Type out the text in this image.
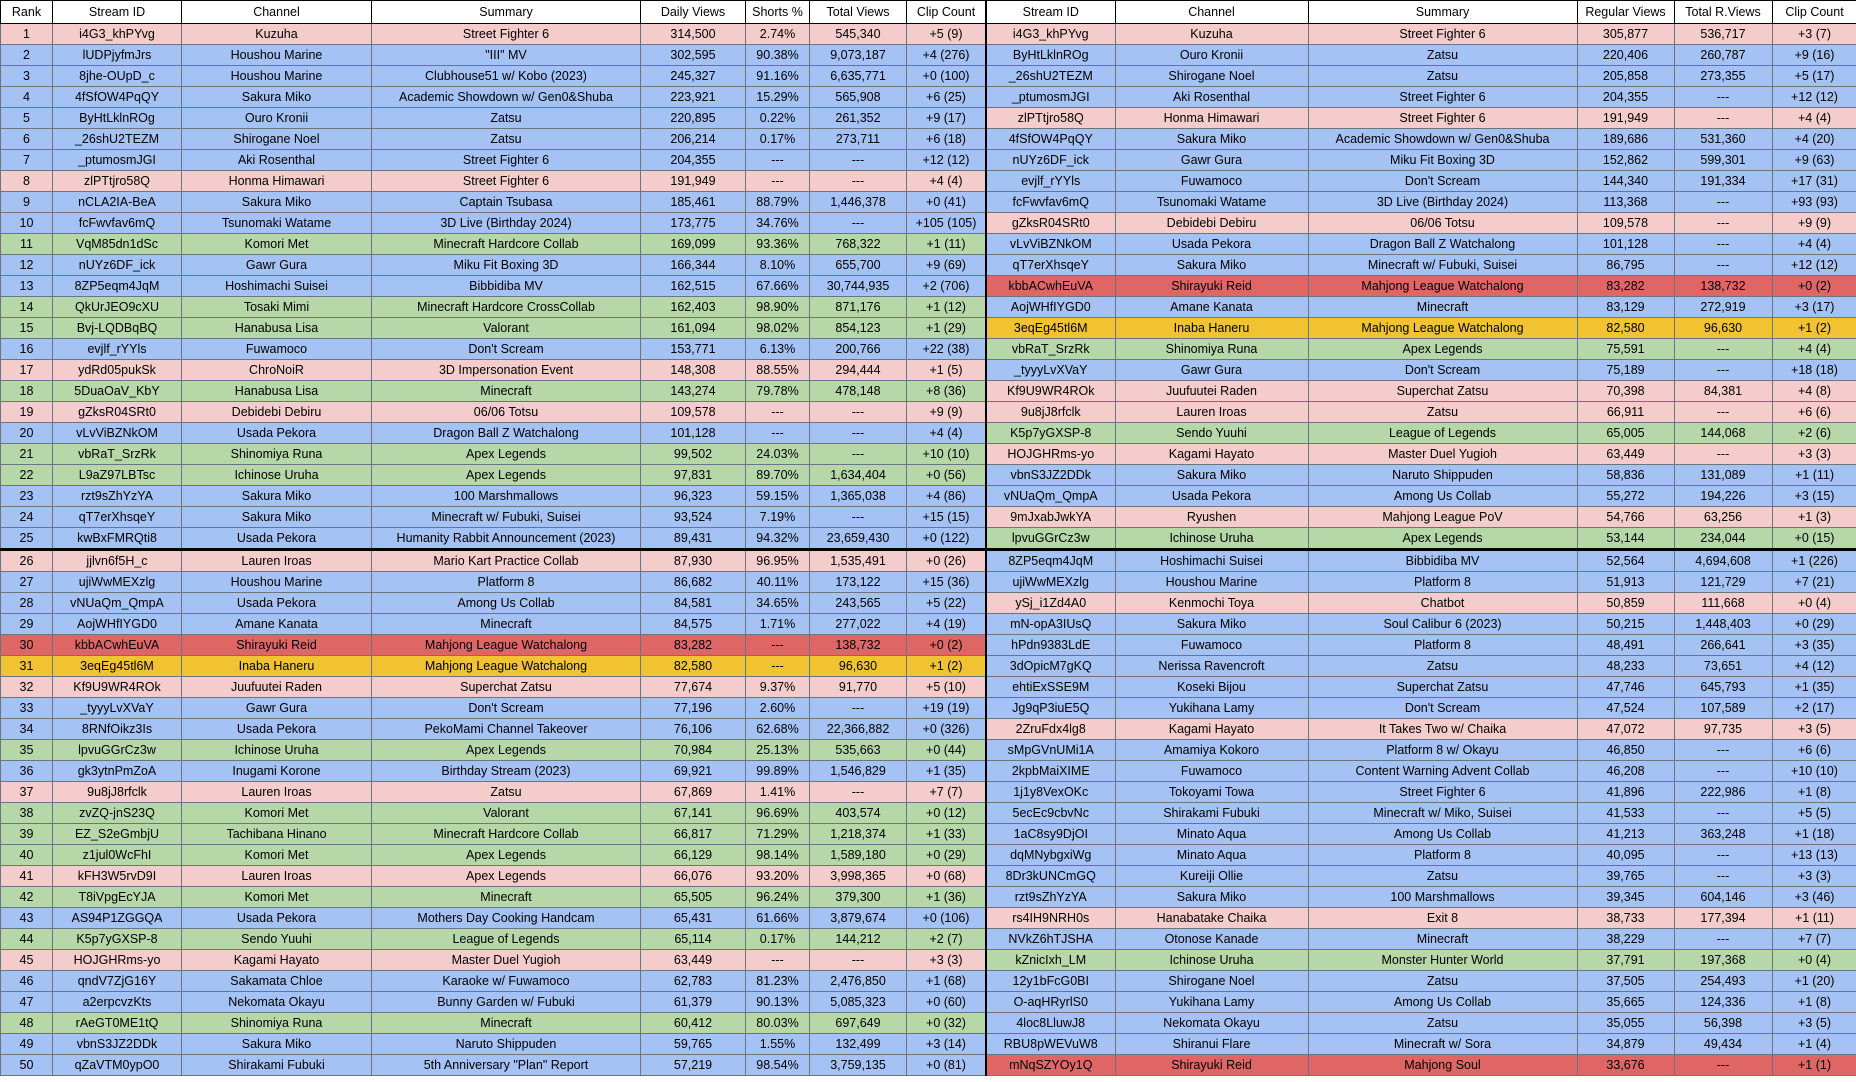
Rank	Stream ID	Channel	Summary	Daily Views	Shorts %	Total Views	Clip Count
1	i4G3_khPYvg	Kuzuha	Street Fighter 6	314,500	2.74%	545,340	+5 (9)
2	lUDPjyfmJrs	Houshou Marine	"III" MV	302,595	90.38%	9,073,187	+4 (276)
3	8jhe-OUpD_c	Houshou Marine	Clubhouse51 w/ Kobo (2023)	245,327	91.16%	6,635,771	+0 (100)
4	4fSfOW4PqQY	Sakura Miko	Academic Showdown w/ Gen0&Shuba	223,921	15.29%	565,908	+6 (25)
5	ByHtLklnROg	Ouro Kronii	Zatsu	220,895	0.22%	261,352	+9 (17)
6	_26shU2TEZM	Shirogane Noel	Zatsu	206,214	0.17%	273,711	+6 (18)
7	_ptumosmJGI	Aki Rosenthal	Street Fighter 6	204,355	---	---	+12 (12)
8	zlPTtjro58Q	Honma Himawari	Street Fighter 6	191,949	---	---	+4 (4)
9	nCLA2IA-BeA	Sakura Miko	Captain Tsubasa	185,461	88.79%	1,446,378	+0 (41)
10	fcFwvfav6mQ	Tsunomaki Watame	3D Live (Birthday 2024)	173,775	34.76%	---	+105 (105)
11	VqM85dn1dSc	Komori Met	Minecraft Hardcore Collab	169,099	93.36%	768,322	+1 (11)
12	nUYz6DF_ick	Gawr Gura	Miku Fit Boxing 3D	166,344	8.10%	655,700	+9 (69)
13	8ZP5eqm4JqM	Hoshimachi Suisei	Bibbidiba MV	162,515	67.66%	30,744,935	+2 (706)
14	QkUrJEO9cXU	Tosaki Mimi	Minecraft Hardcore CrossCollab	162,403	98.90%	871,176	+1 (12)
15	Bvj-LQDBqBQ	Hanabusa Lisa	Valorant	161,094	98.02%	854,123	+1 (29)
16	evjlf_rYYls	Fuwamoco	Don't Scream	153,771	6.13%	200,766	+22 (38)
17	ydRd05pukSk	ChroNoiR	3D Impersonation Event	148,308	88.55%	294,444	+1 (5)
18	5DuaOaV_KbY	Hanabusa Lisa	Minecraft	143,274	79.78%	478,148	+8 (36)
19	gZksR04SRt0	Debidebi Debiru	06/06 Totsu	109,578	---	---	+9 (9)
20	vLvViBZNkOM	Usada Pekora	Dragon Ball Z Watchalong	101,128	---	---	+4 (4)
21	vbRaT_SrzRk	Shinomiya Runa	Apex Legends	99,502	24.03%	---	+10 (10)
22	L9aZ97LBTsc	Ichinose Uruha	Apex Legends	97,831	89.70%	1,634,404	+0 (56)
23	rzt9sZhYzYA	Sakura Miko	100 Marshmallows	96,323	59.15%	1,365,038	+4 (86)
24	qT7erXhsqeY	Sakura Miko	Minecraft w/ Fubuki, Suisei	93,524	7.19%	---	+15 (15)
25	kwBxFMRQti8	Usada Pekora	Humanity Rabbit Announcement (2023)	89,431	94.32%	23,659,430	+0 (122)
26	jjlvn6f5H_c	Lauren Iroas	Mario Kart Practice Collab	87,930	96.95%	1,535,491	+0 (26)
27	ujiWwMEXzlg	Houshou Marine	Platform 8	86,682	40.11%	173,122	+15 (36)
28	vNUaQm_QmpA	Usada Pekora	Among Us Collab	84,581	34.65%	243,565	+5 (22)
29	AojWHfIYGD0	Amane Kanata	Minecraft	84,575	1.71%	277,022	+4 (19)
30	kbbACwhEuVA	Shirayuki Reid	Mahjong League Watchalong	83,282	---	138,732	+0 (2)
31	3eqEg45tl6M	Inaba Haneru	Mahjong League Watchalong	82,580	---	96,630	+1 (2)
32	Kf9U9WR4ROk	Juufuutei Raden	Superchat Zatsu	77,674	9.37%	91,770	+5 (10)
33	_tyyyLvXVaY	Gawr Gura	Don't Scream	77,196	2.60%	---	+19 (19)
34	8RNfOikz3Is	Usada Pekora	PekoMami Channel Takeover	76,106	62.68%	22,366,882	+0 (326)
35	lpvuGGrCz3w	Ichinose Uruha	Apex Legends	70,984	25.13%	535,663	+0 (44)
36	gk3ytnPmZoA	Inugami Korone	Birthday Stream (2023)	69,921	99.89%	1,546,829	+1 (35)
37	9u8jJ8rfclk	Lauren Iroas	Zatsu	67,869	1.41%	---	+7 (7)
38	zvZQ-jnS23Q	Komori Met	Valorant	67,141	96.69%	403,574	+0 (12)
39	EZ_S2eGmbjU	Tachibana Hinano	Minecraft Hardcore Collab	66,817	71.29%	1,218,374	+1 (33)
40	z1jul0WcFhI	Komori Met	Apex Legends	66,129	98.14%	1,589,180	+0 (29)
41	kFH3W5rvD9I	Lauren Iroas	Apex Legends	66,076	93.20%	3,998,365	+0 (68)
42	T8iVpgEcYJA	Komori Met	Minecraft	65,505	96.24%	379,300	+1 (36)
43	AS94P1ZGGQA	Usada Pekora	Mothers Day Cooking Handcam	65,431	61.66%	3,879,674	+0 (106)
44	K5p7yGXSP-8	Sendo Yuuhi	League of Legends	65,114	0.17%	144,212	+2 (7)
45	HOJGHRms-yo	Kagami Hayato	Master Duel Yugioh	63,449	---	---	+3 (3)
46	qndV7ZjG16Y	Sakamata Chloe	Karaoke w/ Fuwamoco	62,783	81.23%	2,476,850	+1 (68)
47	a2erpcvzKts	Nekomata Okayu	Bunny Garden w/ Fubuki	61,379	90.13%	5,085,323	+0 (60)
48	rAeGT0ME1tQ	Shinomiya Runa	Minecraft	60,412	80.03%	697,649	+0 (32)
49	vbnS3JZ2DDk	Sakura Miko	Naruto Shippuden	59,765	1.55%	132,499	+3 (14)
50	qZaVTM0ypO0	Shirakami Fubuki	5th Anniversary "Plan" Report	57,219	98.54%	3,759,135	+0 (81)
Stream ID	Channel	Summary	Regular Views	Total R.Views	Clip Count
i4G3_khPYvg	Kuzuha	Street Fighter 6	305,877	536,717	+3 (7)
ByHtLklnROg	Ouro Kronii	Zatsu	220,406	260,787	+9 (16)
_26shU2TEZM	Shirogane Noel	Zatsu	205,858	273,355	+5 (17)
_ptumosmJGI	Aki Rosenthal	Street Fighter 6	204,355	---	+12 (12)
zlPTtjro58Q	Honma Himawari	Street Fighter 6	191,949	---	+4 (4)
4fSfOW4PqQY	Sakura Miko	Academic Showdown w/ Gen0&Shuba	189,686	531,360	+4 (20)
nUYz6DF_ick	Gawr Gura	Miku Fit Boxing 3D	152,862	599,301	+9 (63)
evjlf_rYYls	Fuwamoco	Don't Scream	144,340	191,334	+17 (31)
fcFwvfav6mQ	Tsunomaki Watame	3D Live (Birthday 2024)	113,368	---	+93 (93)
gZksR04SRt0	Debidebi Debiru	06/06 Totsu	109,578	---	+9 (9)
vLvViBZNkOM	Usada Pekora	Dragon Ball Z Watchalong	101,128	---	+4 (4)
qT7erXhsqeY	Sakura Miko	Minecraft w/ Fubuki, Suisei	86,795	---	+12 (12)
kbbACwhEuVA	Shirayuki Reid	Mahjong League Watchalong	83,282	138,732	+0 (2)
AojWHfIYGD0	Amane Kanata	Minecraft	83,129	272,919	+3 (17)
3eqEg45tl6M	Inaba Haneru	Mahjong League Watchalong	82,580	96,630	+1 (2)
vbRaT_SrzRk	Shinomiya Runa	Apex Legends	75,591	---	+4 (4)
_tyyyLvXVaY	Gawr Gura	Don't Scream	75,189	---	+18 (18)
Kf9U9WR4ROk	Juufuutei Raden	Superchat Zatsu	70,398	84,381	+4 (8)
9u8jJ8rfclk	Lauren Iroas	Zatsu	66,911	---	+6 (6)
K5p7yGXSP-8	Sendo Yuuhi	League of Legends	65,005	144,068	+2 (6)
HOJGHRms-yo	Kagami Hayato	Master Duel Yugioh	63,449	---	+3 (3)
vbnS3JZ2DDk	Sakura Miko	Naruto Shippuden	58,836	131,089	+1 (11)
vNUaQm_QmpA	Usada Pekora	Among Us Collab	55,272	194,226	+3 (15)
9mJxabJwkYA	Ryushen	Mahjong League PoV	54,766	63,256	+1 (3)
lpvuGGrCz3w	Ichinose Uruha	Apex Legends	53,144	234,044	+0 (15)
8ZP5eqm4JqM	Hoshimachi Suisei	Bibbidiba MV	52,564	4,694,608	+1 (226)
ujiWwMEXzlg	Houshou Marine	Platform 8	51,913	121,729	+7 (21)
ySj_i1Zd4A0	Kenmochi Toya	Chatbot	50,859	111,668	+0 (4)
mN-opA3IUsQ	Sakura Miko	Soul Calibur 6 (2023)	50,215	1,448,403	+0 (29)
hPdn9383LdE	Fuwamoco	Platform 8	48,491	266,641	+3 (35)
3dOpicM7gKQ	Nerissa Ravencroft	Zatsu	48,233	73,651	+4 (12)
ehtiExSSE9M	Koseki Bijou	Superchat Zatsu	47,746	645,793	+1 (35)
Jg9qP3iuE5Q	Yukihana Lamy	Don't Scream	47,524	107,589	+2 (17)
2ZruFdx4lg8	Kagami Hayato	It Takes Two w/ Chaika	47,072	97,735	+3 (5)
sMpGVnUMi1A	Amamiya Kokoro	Platform 8 w/ Okayu	46,850	---	+6 (6)
2kpbMaiXIME	Fuwamoco	Content Warning Advent Collab	46,208	---	+10 (10)
1j1y8VexOKc	Tokoyami Towa	Street Fighter 6	41,896	222,986	+1 (8)
5ecEc9cbvNc	Shirakami Fubuki	Minecraft w/ Miko, Suisei	41,533	---	+5 (5)
1aC8sy9DjOI	Minato Aqua	Among Us Collab	41,213	363,248	+1 (18)
dqMNybgxiWg	Minato Aqua	Platform 8	40,095	---	+13 (13)
8Dr3kUNCmGQ	Kureiji Ollie	Zatsu	39,765	---	+3 (3)
rzt9sZhYzYA	Sakura Miko	100 Marshmallows	39,345	604,146	+3 (46)
rs4IH9NRH0s	Hanabatake Chaika	Exit 8	38,733	177,394	+1 (11)
NVkZ6hTJSHA	Otonose Kanade	Minecraft	38,229	---	+7 (7)
kZnicIxh_LM	Ichinose Uruha	Monster Hunter World	37,791	197,368	+0 (4)
12y1bFcG0BI	Shirogane Noel	Zatsu	37,505	254,493	+1 (20)
O-aqHRyrlS0	Yukihana Lamy	Among Us Collab	35,665	124,336	+1 (8)
4loc8LluwJ8	Nekomata Okayu	Zatsu	35,055	56,398	+3 (5)
RBU8pWEVuW8	Shiranui Flare	Minecraft w/ Sora	34,879	49,434	+1 (4)
mNqSZYOy1Q	Shirayuki Reid	Mahjong Soul	33,676	---	+1 (1)
